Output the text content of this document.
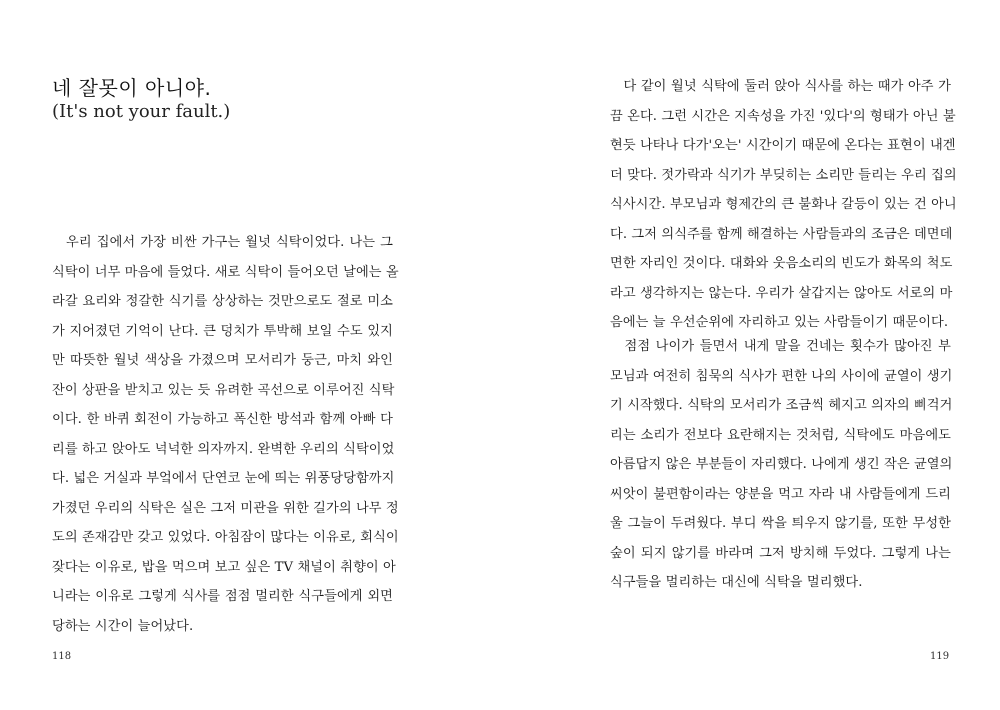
네 잘못이 아니야.
(It's not your fault.)
　우리 집에서 가장 비싼 가구는 월넛 식탁이었다. 나는 그
식탁이 너무 마음에 들었다. 새로 식탁이 들어오던 날에는 올
라갈 요리와 정갈한 식기를 상상하는 것만으로도 절로 미소
가 지어졌던 기억이 난다. 큰 덩치가 투박해 보일 수도 있지
만 따뜻한 월넛 색상을 가졌으며 모서리가 둥근, 마치 와인
잔이 상판을 받치고 있는 듯 유려한 곡선으로 이루어진 식탁
이다. 한 바퀴 회전이 가능하고 폭신한 방석과 함께 아빠 다
리를 하고 앉아도 넉넉한 의자까지. 완벽한 우리의 식탁이었
다. 넓은 거실과 부엌에서 단연코 눈에 띄는 위풍당당함까지
가졌던 우리의 식탁은 실은 그저 미관을 위한 길가의 나무 정
도의 존재감만 갖고 있었다. 아침잠이 많다는 이유로, 회식이
잦다는 이유로, 밥을 먹으며 보고 싶은 TV 채널이 취향이 아
니라는 이유로 그렇게 식사를 점점 멀리한 식구들에게 외면
당하는 시간이 늘어났다.
118
　다 같이 월넛 식탁에 둘러 앉아 식사를 하는 때가 아주 가
끔 온다. 그런 시간은 지속성을 가진 '있다'의 형태가 아닌 불
현듯 나타나 다가'오는' 시간이기 때문에 온다는 표현이 내겐
더 맞다. 젓가락과 식기가 부딪히는 소리만 들리는 우리 집의
식사시간. 부모님과 형제간의 큰 불화나 갈등이 있는 건 아니
다. 그저 의식주를 함께 해결하는 사람들과의 조금은 데면데
면한 자리인 것이다. 대화와 웃음소리의 빈도가 화목의 척도
라고 생각하지는 않는다. 우리가 살갑지는 않아도 서로의 마
음에는 늘 우선순위에 자리하고 있는 사람들이기 때문이다.
　점점 나이가 들면서 내게 말을 건네는 횟수가 많아진 부
모님과 여전히 침묵의 식사가 편한 나의 사이에 균열이 생기
기 시작했다. 식탁의 모서리가 조금씩 헤지고 의자의 삐걱거
리는 소리가 전보다 요란해지는 것처럼, 식탁에도 마음에도
아름답지 않은 부분들이 자리했다. 나에게 생긴 작은 균열의
씨앗이 불편함이라는 양분을 먹고 자라 내 사람들에게 드리
울 그늘이 두려웠다. 부디 싹을 틔우지 않기를, 또한 무성한
숲이 되지 않기를 바라며 그저 방치해 두었다. 그렇게 나는
식구들을 멀리하는 대신에 식탁을 멀리했다.
119
